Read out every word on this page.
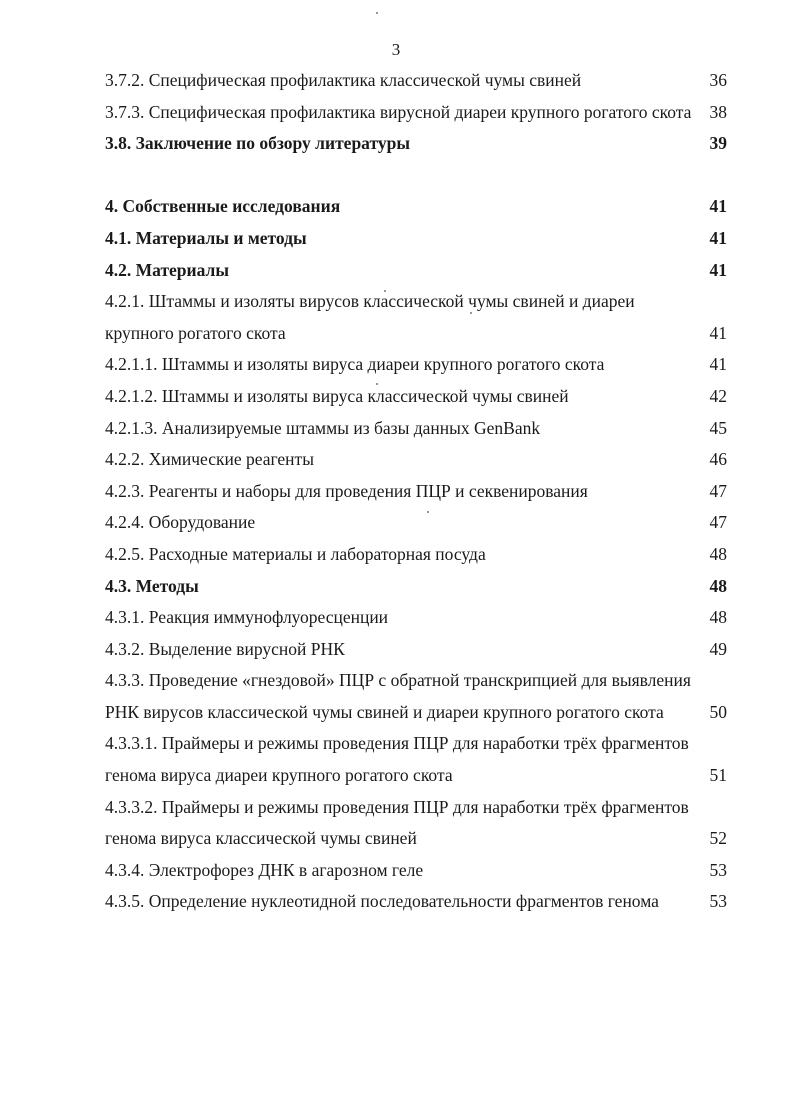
3
3.7.2. Специфическая профилактика классической чумы свиней	36
3.7.3. Специфическая профилактика вирусной диареи крупного рогатого скота	38
3.8. Заключение по обзору литературы	39
4. Собственные исследования	41
4.1. Материалы и методы	41
4.2. Материалы	41
4.2.1. Штаммы и изоляты вирусов классической чумы свиней и диареи крупного рогатого скота	41
4.2.1.1. Штаммы и изоляты вируса диареи крупного рогатого скота	41
4.2.1.2. Штаммы и изоляты вируса классической чумы свиней	42
4.2.1.3. Анализируемые штаммы из базы данных GenBank	45
4.2.2. Химические реагенты	46
4.2.3. Реагенты и наборы для проведения ПЦР и секвенирования	47
4.2.4. Оборудование	47
4.2.5. Расходные материалы и лабораторная посуда	48
4.3. Методы	48
4.3.1. Реакция иммунофлуоресценции	48
4.3.2. Выделение вирусной РНК	49
4.3.3. Проведение «гнездовой» ПЦР с обратной транскрипцией для выявления РНК вирусов классической чумы свиней и диареи крупного рогатого скота	50
4.3.3.1. Праймеры и режимы проведения ПЦР для наработки трёх фрагментов генома вируса диареи крупного рогатого скота	51
4.3.3.2. Праймеры и режимы проведения ПЦР для наработки трёх фрагментов генома вируса классической чумы свиней	52
4.3.4. Электрофорез ДНК в агарозном геле	53
4.3.5. Определение нуклеотидной последовательности фрагментов генома	53
